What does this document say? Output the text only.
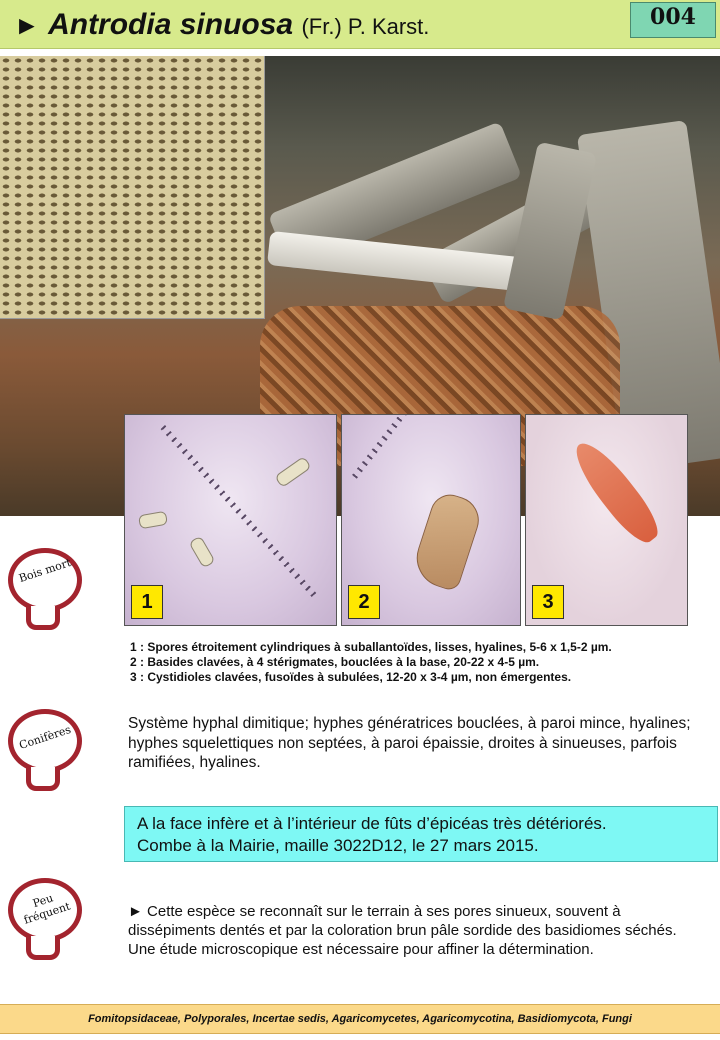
► Antrodia sinuosa (Fr.) P. Karst.	004
1	2	3
Bois mort
Conifères
Peu fréquent
1 : Spores étroitement cylindriques à suballantoïdes, lisses, hyalines, 5-6 x 1,5-2 µm.
2 : Basides clavées, à 4 stérigmates, bouclées à la base, 20-22 x 4-5 µm.
3 : Cystidioles clavées, fusoïdes à subulées, 12-20 x 3-4 µm, non émergentes.
Système hyphal dimitique; hyphes génératrices bouclées, à paroi mince, hyalines; hyphes squelettiques non septées, à paroi épaissie, droites à sinueuses, parfois ramifiées, hyalines.
A la face infère et à l’intérieur de fûts d’épicéas très détériorés.
Combe à la Mairie, maille 3022D12, le 27 mars 2015.
► Cette espèce se reconnaît sur le terrain à ses pores sinueux, souvent à dissépiments dentés et par la coloration brun pâle sordide des basidiomes séchés. Une étude microscopique est nécessaire pour affiner la détermination.
Fomitopsidaceae, Polyporales, Incertae sedis, Agaricomycetes, Agaricomycotina, Basidiomycota, Fungi
